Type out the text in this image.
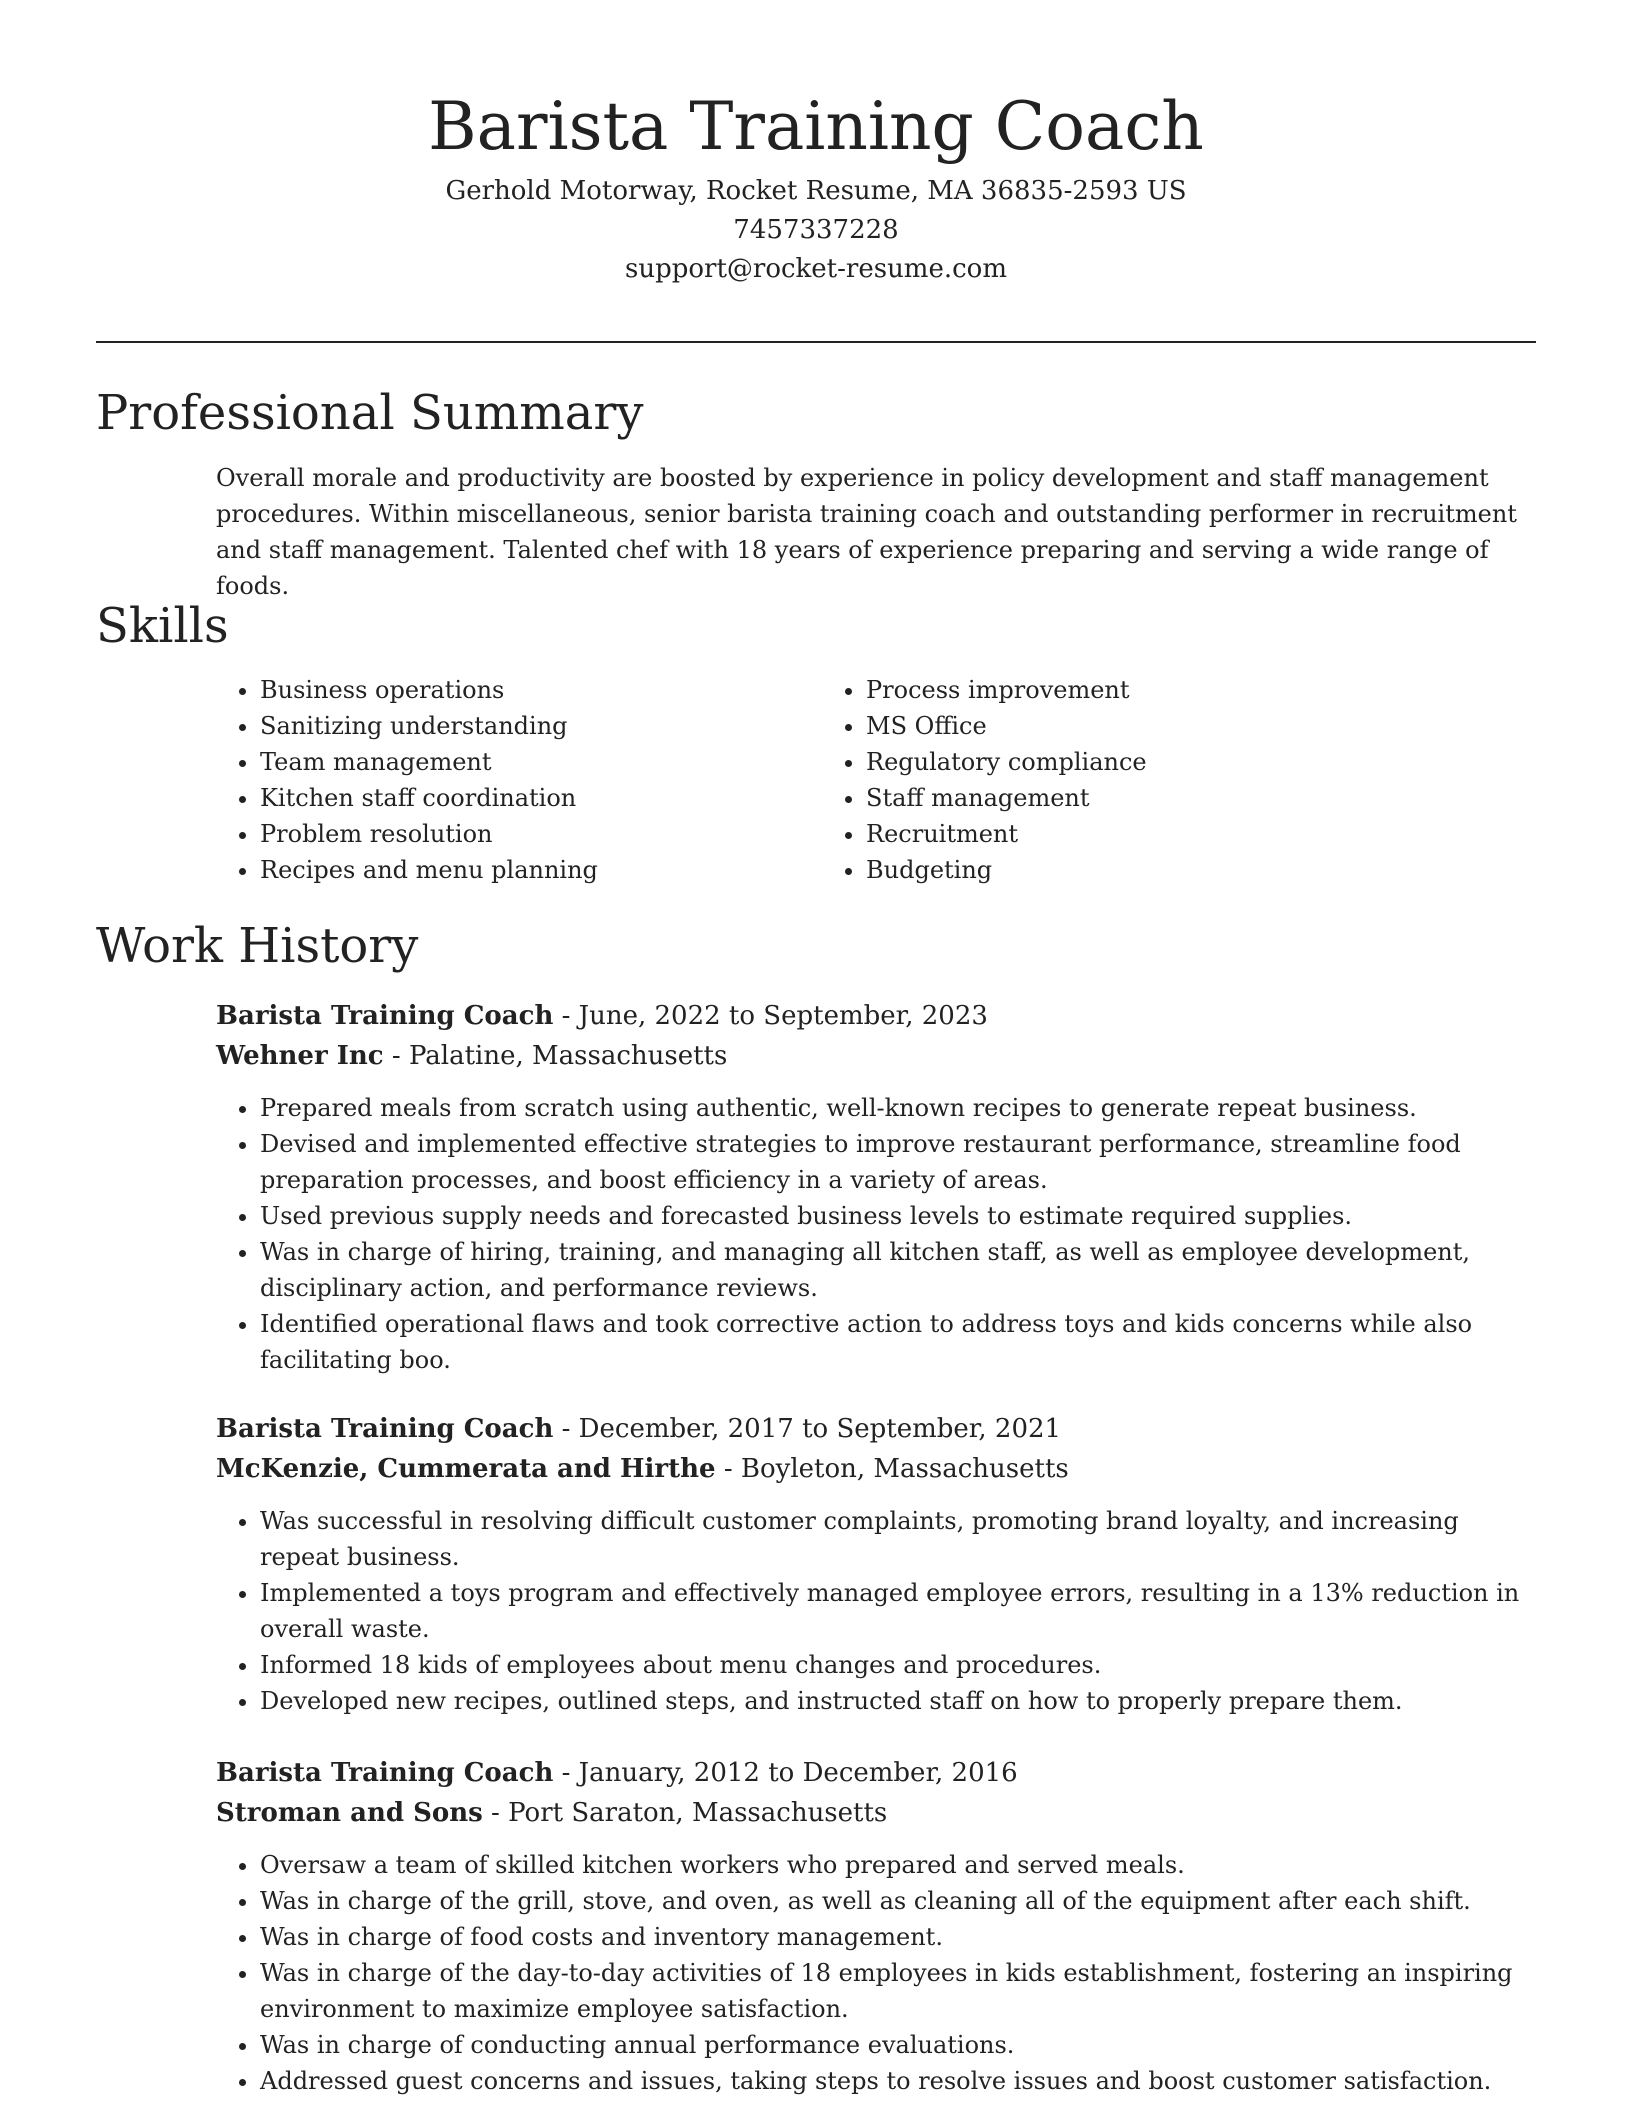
Barista Training Coach
Gerhold Motorway, Rocket Resume, MA 36835-2593 US
7457337228
support@rocket-resume.com
Professional Summary

Overall morale and productivity are boosted by experience in policy development and staff management procedures. Within miscellaneous, senior barista training coach and outstanding performer in recruitment and staff management. Talented chef with 18 years of experience preparing and serving a wide range of foods.

Skills
• Business operations
• Sanitizing understanding
• Team management
• Kitchen staff coordination
• Problem resolution
• Recipes and menu planning
• Process improvement
• MS Office
• Regulatory compliance
• Staff management
• Recruitment
• Budgeting
Work History

Barista Training Coach - June, 2022 to September, 2023

Wehner Inc - Palatine, Massachusetts

• Prepared meals from scratch using authentic, well-known recipes to generate repeat business.
• Devised and implemented effective strategies to improve restaurant performance, streamline food preparation processes, and boost efficiency in a variety of areas.
• Used previous supply needs and forecasted business levels to estimate required supplies.
• Was in charge of hiring, training, and managing all kitchen staff, as well as employee development, disciplinary action, and performance reviews.
• Identified operational flaws and took corrective action to address toys and kids concerns while also facilitating boo.

Barista Training Coach - December, 2017 to September, 2021

McKenzie, Cummerata and Hirthe - Boyleton, Massachusetts

• Was successful in resolving difficult customer complaints, promoting brand loyalty, and increasing repeat business.
• Implemented a toys program and effectively managed employee errors, resulting in a 13% reduction in overall waste.
• Informed 18 kids of employees about menu changes and procedures.
• Developed new recipes, outlined steps, and instructed staff on how to properly prepare them.

Barista Training Coach - January, 2012 to December, 2016

Stroman and Sons - Port Saraton, Massachusetts

• Oversaw a team of skilled kitchen workers who prepared and served meals.
• Was in charge of the grill, stove, and oven, as well as cleaning all of the equipment after each shift.
• Was in charge of food costs and inventory management.
• Was in charge of the day-to-day activities of 18 employees in kids establishment, fostering an inspiring environment to maximize employee satisfaction.
• Was in charge of conducting annual performance evaluations.
• Addressed guest concerns and issues, taking steps to resolve issues and boost customer satisfaction.
